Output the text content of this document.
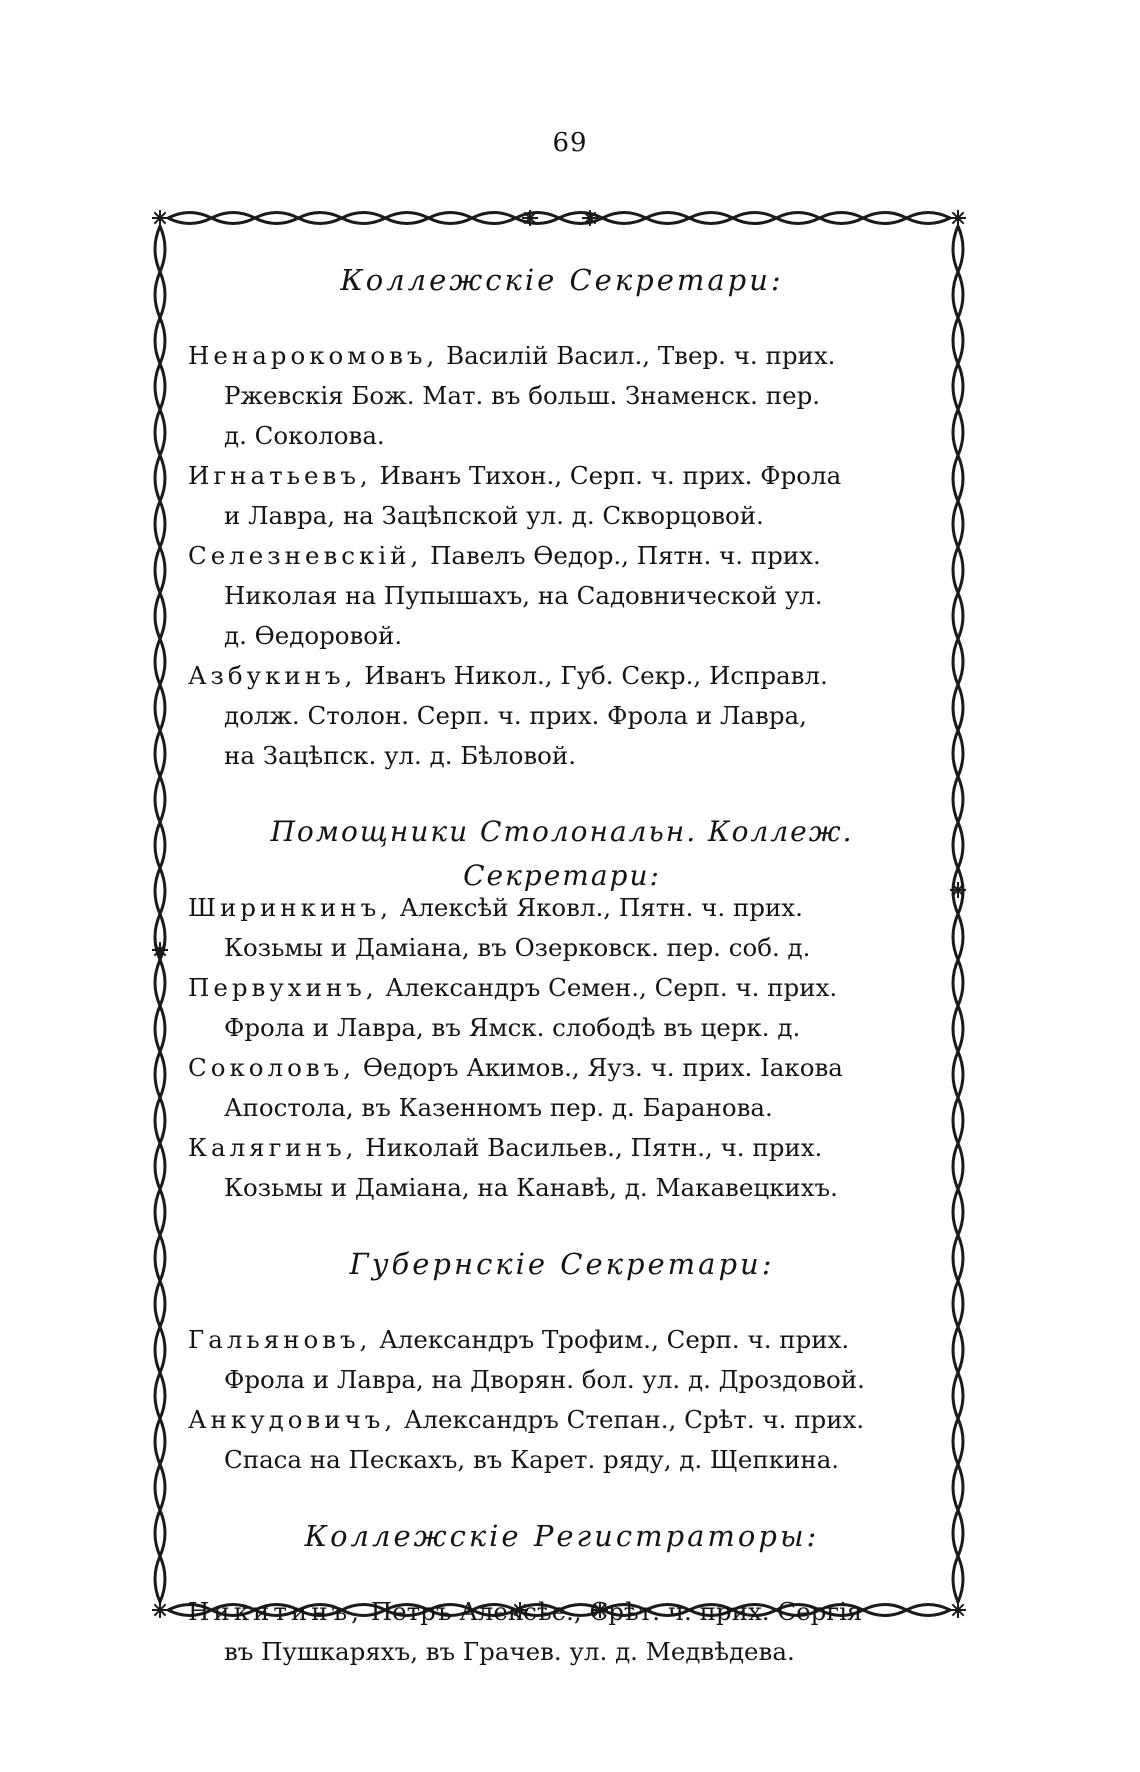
69
Коллежскіе Секретари:
Ненарокомовъ, Василій Васил., Твер. ч. прих.
Ржевскія Бож. Мат. въ больш. Знаменск. пер.
д. Соколова.
Игнатьевъ, Иванъ Тихон., Серп. ч. прих. Фрола
и Лавра, на Зацѣпской ул. д. Скворцовой.
Селезневскій, Павелъ Ѳедор., Пятн. ч. прих.
Николая на Пупышахъ, на Садовнической ул.
д. Ѳедоровой.
Азбукинъ, Иванъ Никол., Губ. Секр., Исправл.
долж. Столон. Серп. ч. прих. Фрола и Лавра,
на Зацѣпск. ул. д. Бѣловой.
Помощники Столональн. Коллеж. Секретари:
Ширинкинъ, Алексѣй Яковл., Пятн. ч. прих.
Козьмы и Даміана, въ Озерковск. пер. соб. д.
Первухинъ, Александръ Семен., Серп. ч. прих.
Фрола и Лавра, въ Ямск. слободѣ въ церк. д.
Соколовъ, Ѳедоръ Акимов., Яуз. ч. прих. Іакова
Апостола, въ Казенномъ пер. д. Баранова.
Калягинъ, Николай Васильев., Пятн., ч. прих.
Козьмы и Даміана, на Канавѣ, д. Макавецкихъ.
Губернскіе Секретари:
Гальяновъ, Александръ Трофим., Серп. ч. прих.
Фрола и Лавра, на Дворян. бол. ул. д. Дроздовой.
Анкудовичъ, Александръ Степан., Срѣт. ч. прих.
Спаса на Пескахъ, въ Карет. ряду, д. Щепкина.
Коллежскіе Регистраторы:
Никитинъ, Петръ Алексѣе., Срѣт. ч. прих. Сергія
въ Пушкаряхъ, въ Грачев. ул. д. Медвѣдева.
